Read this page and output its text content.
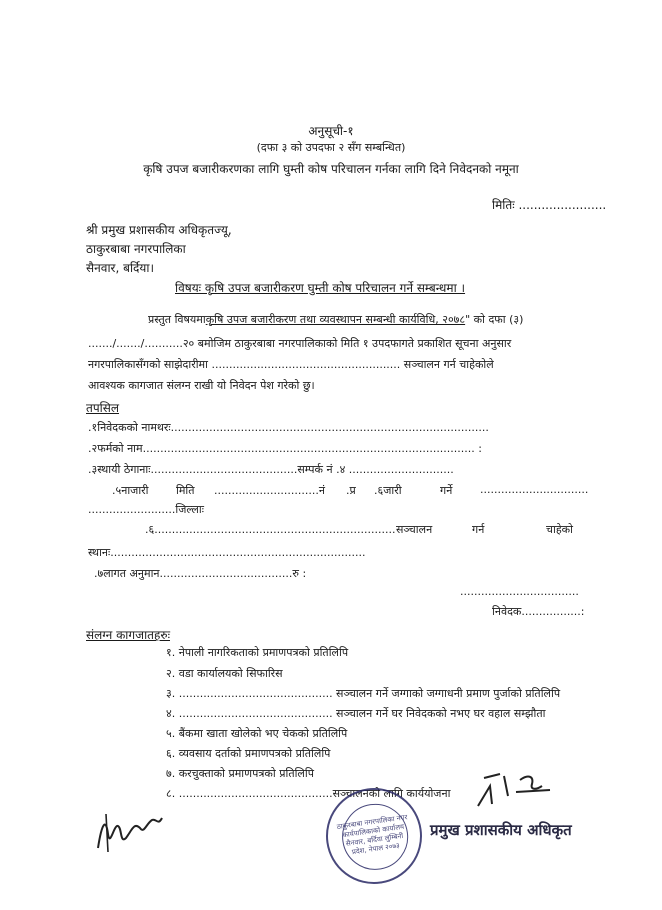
अनुसूची-१
(दफा ३ को उपदफा २ सँग सम्बन्धित)
कृषि उपज बजारीकरणका लागि घुम्ती कोष परिचालन गर्नका लागि दिने निवेदनको नमूना
मितिः .......................
श्री प्रमुख प्रशासकीय अधिकृतज्यू,
ठाकुरबाबा नगरपालिका
सैनवार, बर्दिया।
विषयः कृषि उपज बजारीकरण घुम्ती कोष परिचालन गर्ने सम्बन्धमा ।
प्रस्तुत विषयमाकृषि उपज बजारीकरण तथा व्यवस्थापन सम्बन्धी कार्यविधि, २०७८" को दफा (३)
......./......./...........२० बमोजिम ठाकुरबाबा नगरपालिकाको मिति १ उपदफागते प्रकाशित सूचना अनुसार
नगरपालिकासँगको साझेदारीमा ...................................................... सञ्चालन गर्न चाहेकोले
आवश्यक कागजात संलग्न राखी यो निवेदन पेश गरेको छु।
तपसिल
.१निवेदकको नामथरः...........................................................................................
.२फर्मको नाम............................................................................................... :
.३स्थायी ठेगानाः..........................................सम्पर्क नं .४ ..............................
.५नाजारी मिति ..............................नं .प्र .६जारी	गर्ने	...............................
.........................जिल्लाः
.६..................................................................... सञ्चालन	गर्न	चाहेको
स्थानः.........................................................................
.७लागत अनुमान......................................रु :
..................................
निवेदक.................:
संलग्न कागजातहरुः
१. नेपाली नागरिकताको प्रमाणपत्रको प्रतिलिपि
२. वडा कार्यालयको सिफारिस
३. ............................................ सञ्चालन गर्ने जग्गाको जग्गाधनी प्रमाण पुर्जाको प्रतिलिपि
४. ............................................ सञ्चालन गर्ने घर निवेदकको नभए घर वहाल सम्झौता
५. बैंकमा खाता खोलेको भए चेकको प्रतिलिपि
६. व्यवसाय दर्ताको प्रमाणपत्रको प्रतिलिपि
७. करचुक्ताको प्रमाणपत्रको प्रतिलिपि
८. ............................................सञ्चालनको लागि कार्ययोजना
ठाकुरबाबा नगरपालिका नगर कार्यपालिकाको कार्यालय सैनवार, बर्दिया लुम्बिनी प्रदेश, नेपाल २०७३
प्रमुख प्रशासकीय अधिकृत
